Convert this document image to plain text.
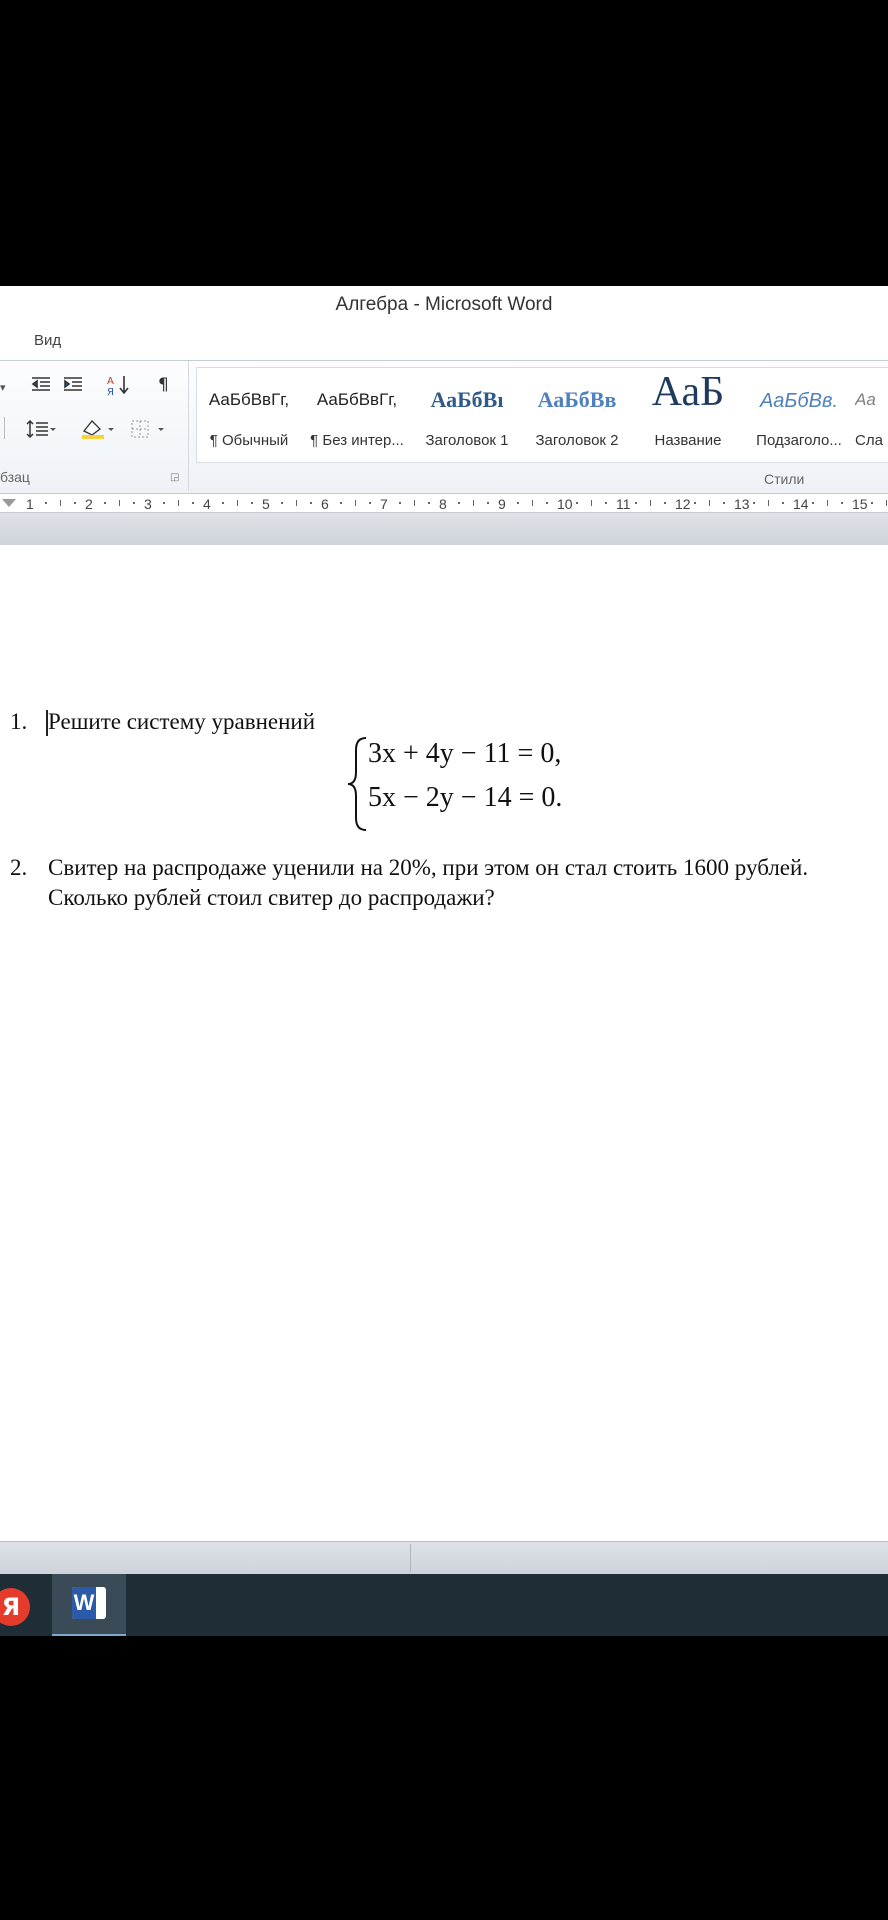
Алгебра - Microsoft Word
Вид
▾	A
Я	¶
бзац	◲
АаБбВвГг,
¶ Обычный
АаБбВвГг,
¶ Без интер...
АаБбВı
Заголовок 1
АаБбВв
Заголовок 2
АаБ
Название
АаБбВв.
Подзаголо...
Аа
Сла
Стили
1	2	3	4	5	6	7	8	9	10	11	12	13	14	15
1. Решите систему уравнений
3x + 4y − 11 = 0,
5x − 2y − 14 = 0.
2. Свитер на распродаже уценили на 20%, при этом он стал стоить 1600 рублей.
Сколько рублей стоил свитер до распродажи?
Я	W
